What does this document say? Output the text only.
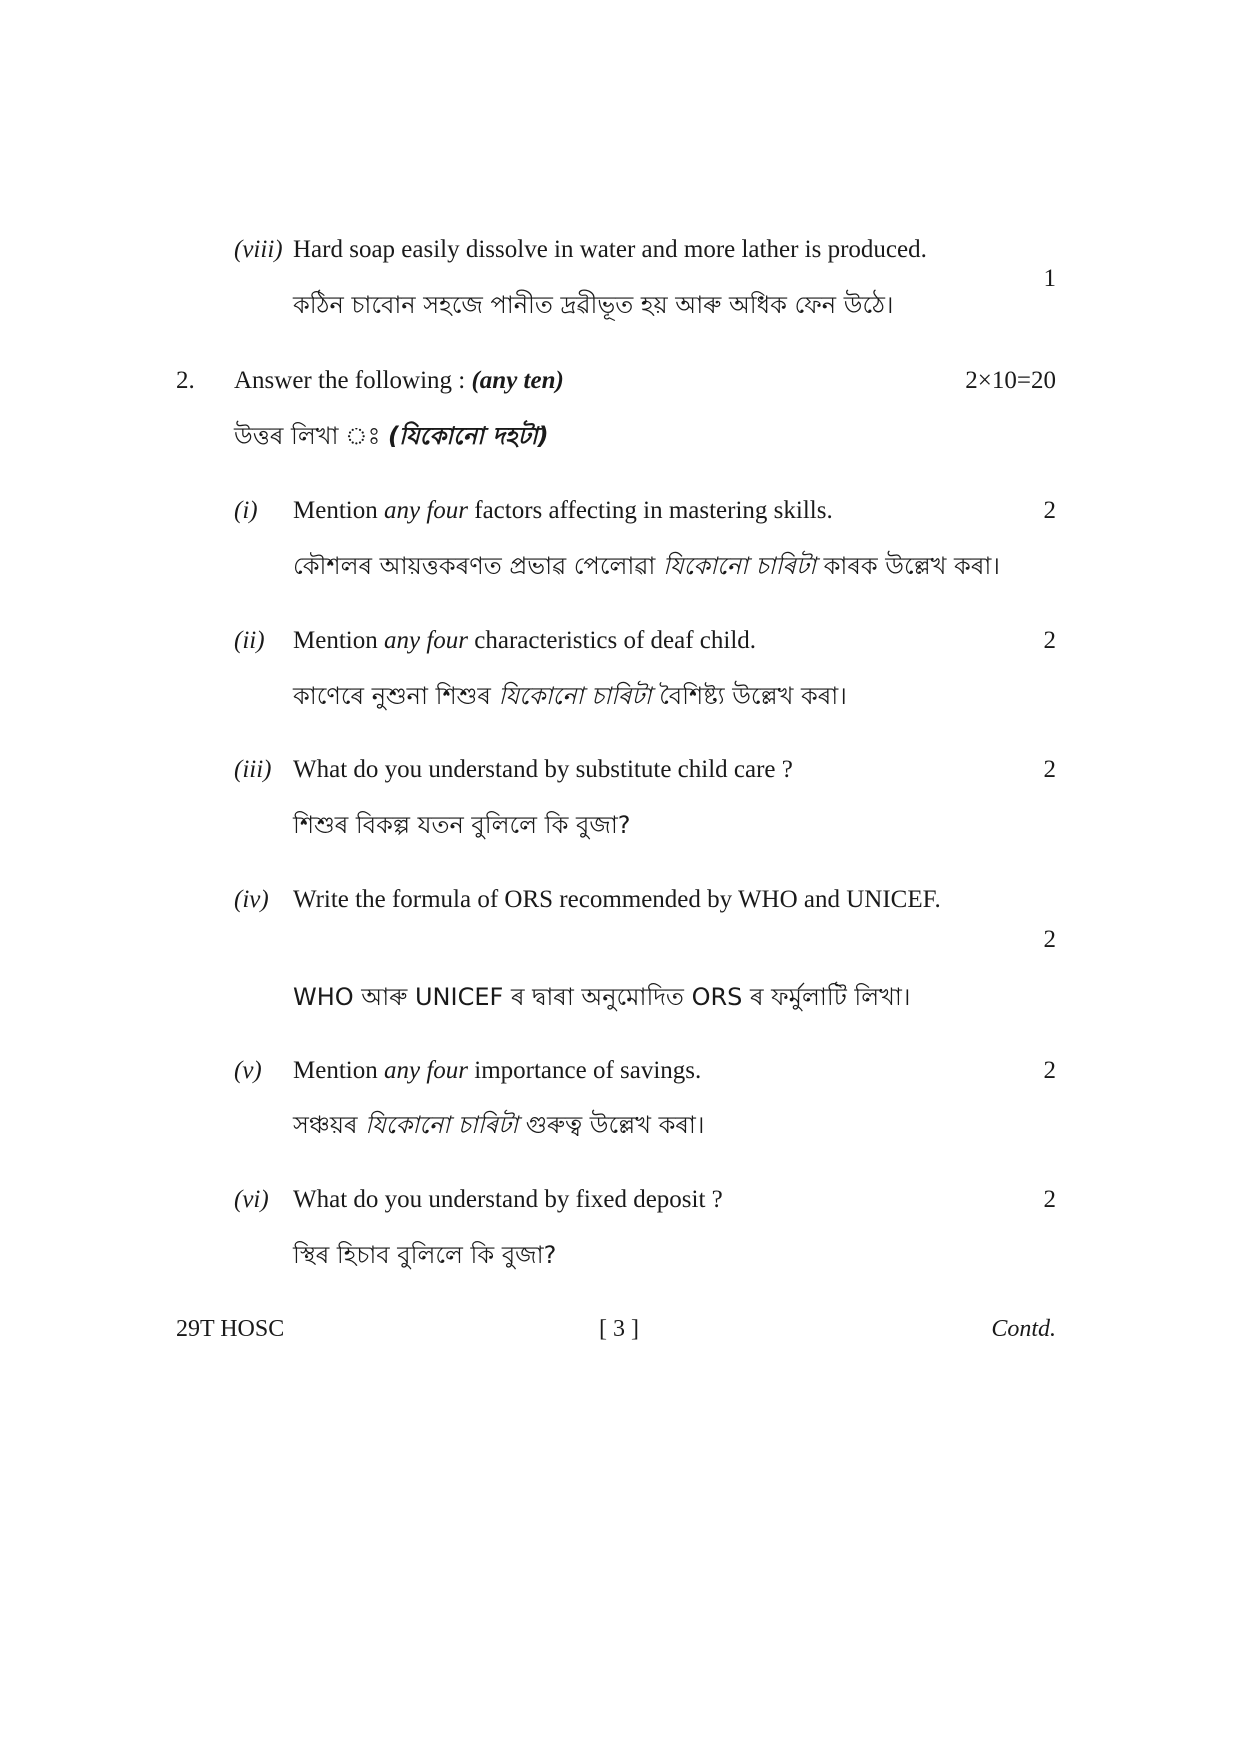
(viii) Hard soap easily dissolve in water and more lather is produced.
1
কঠিন চাবোন সহজে পানীত দ্ৰৱীভূত হয় আৰু অধিক ফেন উঠে।
2. Answer the following : (any ten)	2×10=20
উত্তৰ লিখা ঃ (যিকোনো দহটা)
(i) Mention any four factors affecting in mastering skills.	2
কৌশলৰ আয়ত্তকৰণত প্ৰভাৱ পেলোৱা যিকোনো চাৰিটা কাৰক উল্লেখ কৰা।
(ii) Mention any four characteristics of deaf child.	2
কাণেৰে নুশুনা শিশুৰ যিকোনো চাৰিটা বৈশিষ্ট্য উল্লেখ কৰা।
(iii) What do you understand by substitute child care ?	2
শিশুৰ বিকল্প যতন বুলিলে কি বুজা?
(iv) Write the formula of ORS recommended by WHO and UNICEF.
2
WHO আৰু UNICEF ৰ দ্বাৰা অনুমোদিত ORS ৰ ফৰ্মুলাটি লিখা।
(v) Mention any four importance of savings.	2
সঞ্চয়ৰ যিকোনো চাৰিটা গুৰুত্ব উল্লেখ কৰা।
(vi) What do you understand by fixed deposit ?	2
স্থিৰ হিচাব বুলিলে কি বুজা?
29T HOSC	[ 3 ]	Contd.
